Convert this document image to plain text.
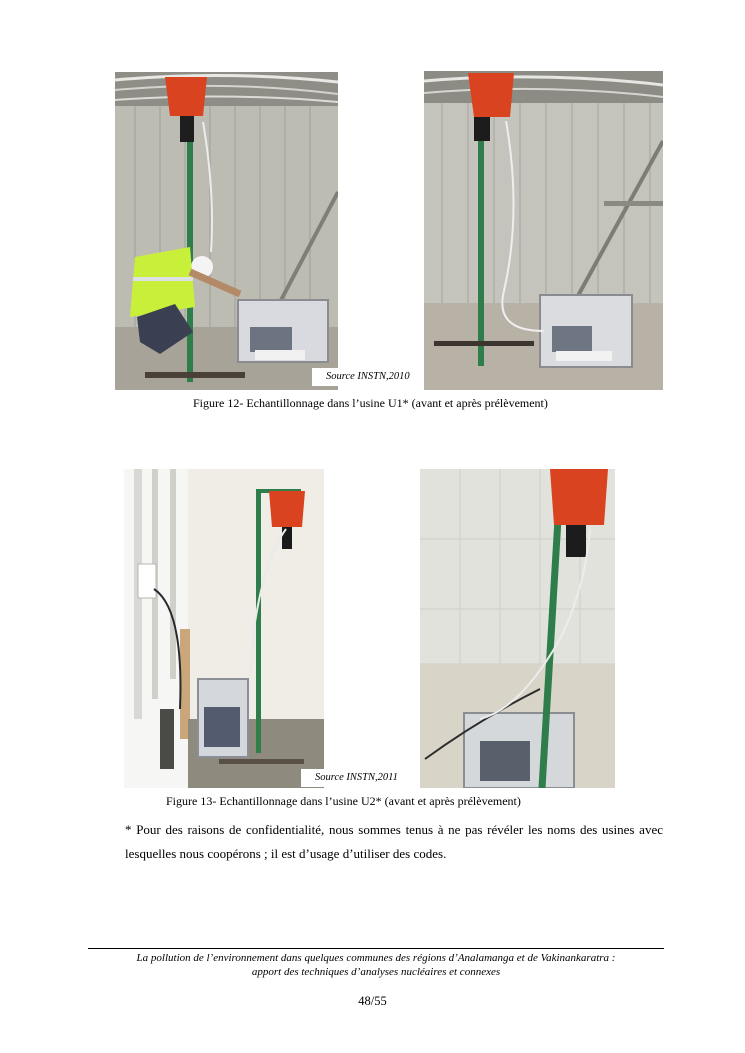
Source INSTN,2010
Figure 12- Echantillonnage dans l’usine U1* (avant et après prélèvement)
Source INSTN,2011
Figure 13- Echantillonnage dans l’usine U2* (avant et après prélèvement)
* Pour des raisons de confidentialité, nous sommes tenus à ne pas révéler les noms des usines avec lesquelles nous coopérons ; il est d’usage d’utiliser des codes.
La pollution de l’environnement dans quelques communes des régions d’Analamanga et de Vakinankaratra :
apport des techniques d’analyses nucléaires et connexes
48/55
